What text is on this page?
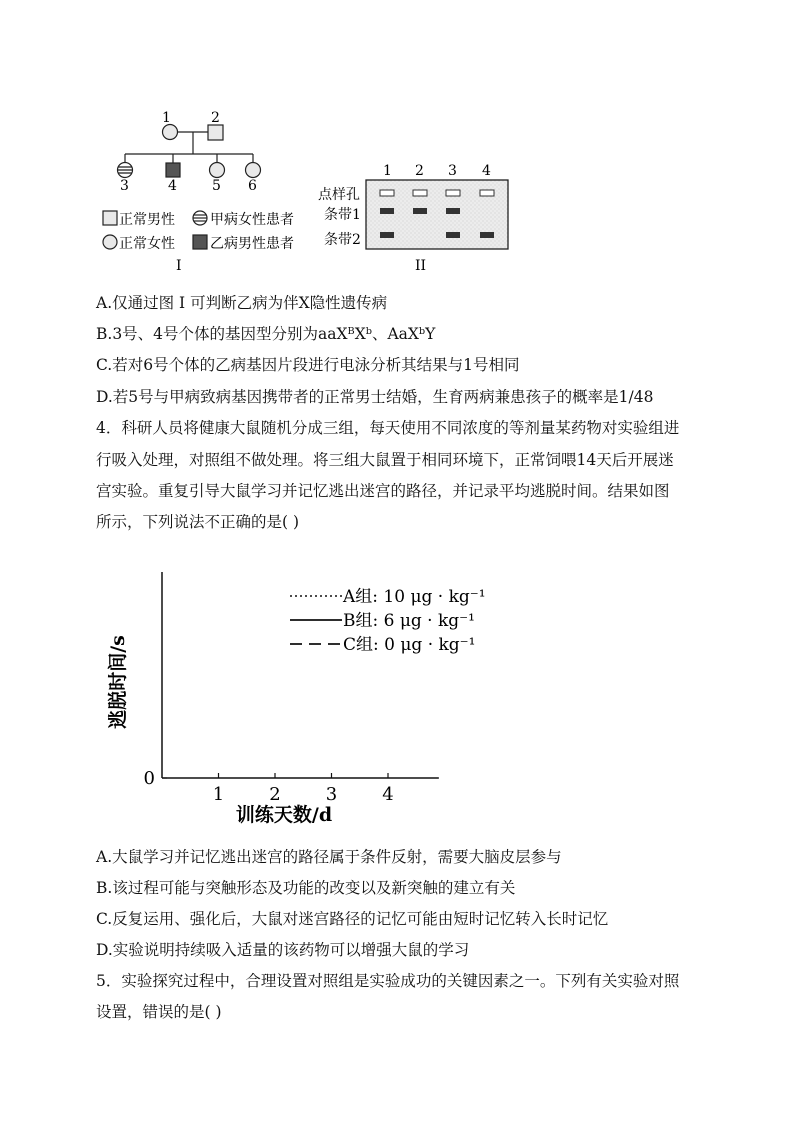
1	2
3	4	5 6
正常男性	甲病女性患者
正常女性	乙病男性患者
I
1 2 3 4
点样孔
条带1
条带2
II
A.仅通过图 I 可判断乙病为伴X隐性遗传病
B.3号、4号个体的基因型分别为aaXᴮXᵇ、AaXᵇY
C.若对6号个体的乙病基因片段进行电泳分析其结果与1号相同
D.若5号与甲病致病基因携带者的正常男士结婚，生育两病兼患孩子的概率是1/48
4．科研人员将健康大鼠随机分成三组，每天使用不同浓度的等剂量某药物对实验组进
行吸入处理，对照组不做处理。将三组大鼠置于相同环境下，正常饲喂14天后开展迷
宫实验。重复引导大鼠学习并记忆逃出迷宫的路径，并记录平均逃脱时间。结果如图
所示，下列说法不正确的是( )
0
1	2	3	4
A组: 10 μg · kg⁻¹
B组: 6 μg · kg⁻¹
C组: 0 μg · kg⁻¹
逃脱时间/s
训练天数/d
A.大鼠学习并记忆逃出迷宫的路径属于条件反射，需要大脑皮层参与
B.该过程可能与突触形态及功能的改变以及新突触的建立有关
C.反复运用、强化后，大鼠对迷宫路径的记忆可能由短时记忆转入长时记忆
D.实验说明持续吸入适量的该药物可以增强大鼠的学习
5．实验探究过程中，合理设置对照组是实验成功的关键因素之一。下列有关实验对照
设置，错误的是( )
